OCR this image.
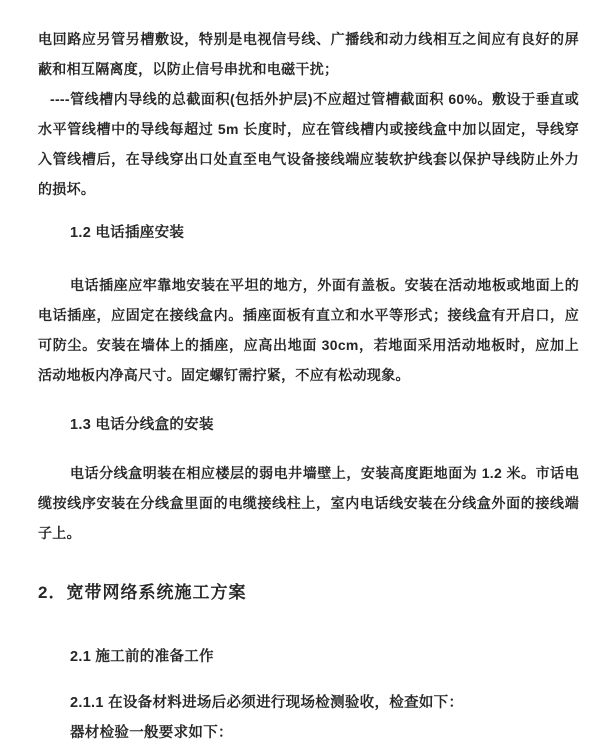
电回路应另管另槽敷设，特别是电视信号线、广播线和动力线相互之间应有良好的屏蔽和相互隔离度，以防止信号串扰和电磁干扰；

----管线槽内导线的总截面积(包括外护层)不应超过管槽截面积 60%。敷设于垂直或水平管线槽中的导线每超过 5m 长度时，应在管线槽内或接线盒中加以固定，导线穿入管线槽后，在导线穿出口处直至电气设备接线端应装软护线套以保护导线防止外力的损坏。

1.2 电话插座安装

电话插座应牢靠地安装在平坦的地方，外面有盖板。安装在活动地板或地面上的电话插座，应固定在接线盒内。插座面板有直立和水平等形式；接线盒有开启口，应可防尘。安装在墙体上的插座，应高出地面 30cm，若地面采用活动地板时，应加上活动地板内净高尺寸。固定螺钉需拧紧，不应有松动现象。

1.3 电话分线盒的安装

电话分线盒明装在相应楼层的弱电井墙壁上，安装高度距地面为 1.2 米。市话电缆按线序安装在分线盒里面的电缆接线柱上，室内电话线安装在分线盒外面的接线端子上。

2．宽带网络系统施工方案

2.1 施工前的准备工作

2.1.1 在设备材料进场后必须进行现场检测验收，检查如下：

器材检验一般要求如下：
